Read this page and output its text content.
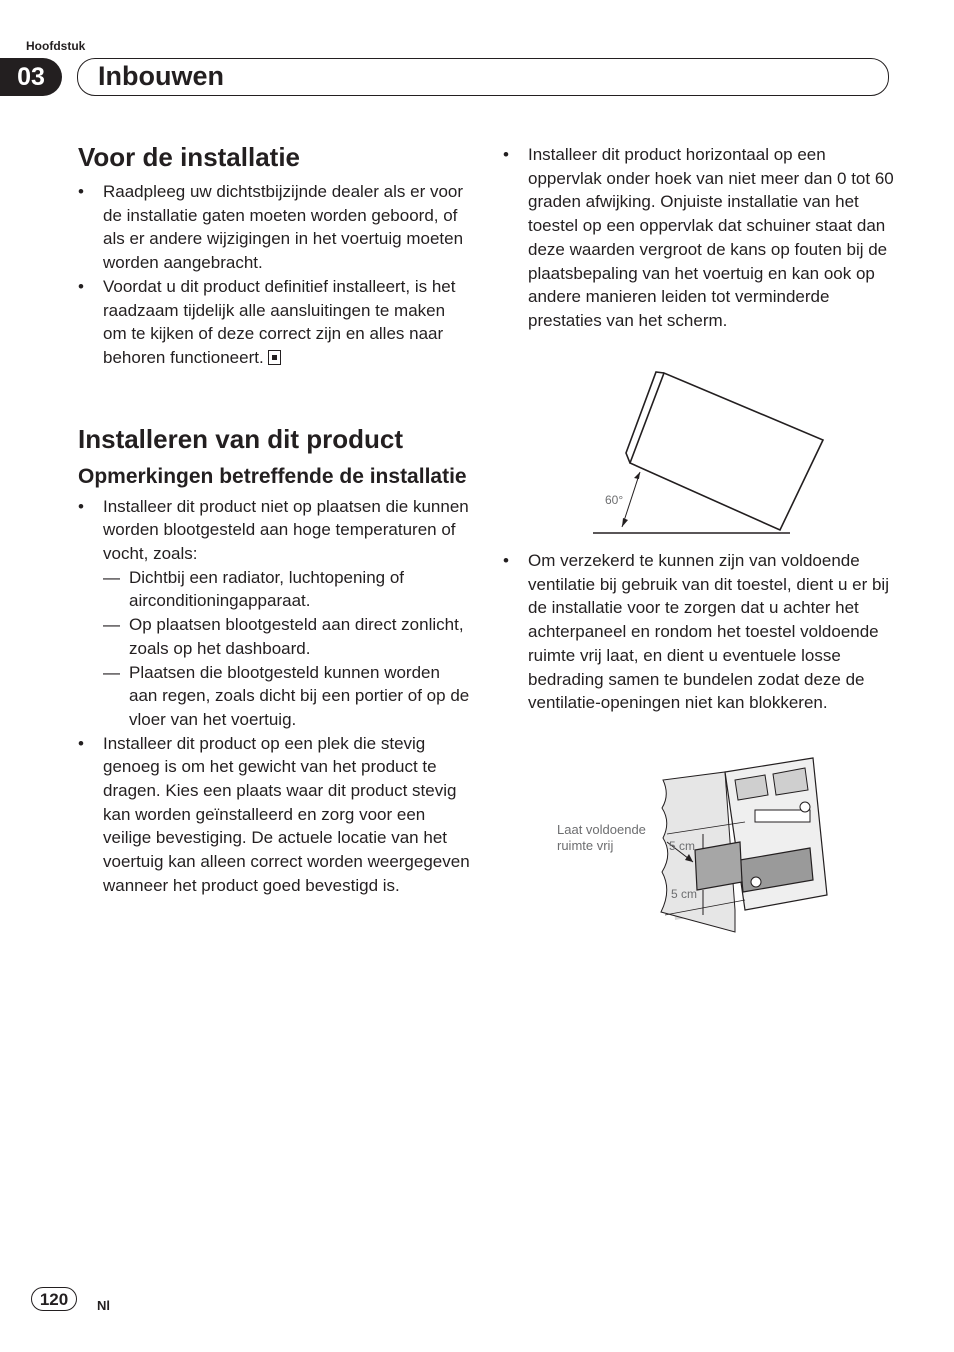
Hoofdstuk
03	Inbouwen
Voor de installatie
• Raadpleeg uw dichtstbijzijnde dealer als er voor de installatie gaten moeten worden geboord, of als er andere wijzigingen in het voertuig moeten worden aangebracht.
• Voordat u dit product definitief installeert, is het raadzaam tijdelijk alle aansluitingen te maken om te kijken of deze correct zijn en alles naar behoren functioneert.
Installeren van dit product
Opmerkingen betreffende de installatie
• Installeer dit product niet op plaatsen die kunnen worden blootgesteld aan hoge temperaturen of vocht, zoals:
— Dichtbij een radiator, luchtopening of airconditioningapparaat.
— Op plaatsen blootgesteld aan direct zonlicht, zoals op het dashboard.
— Plaatsen die blootgesteld kunnen worden aan regen, zoals dicht bij een portier of op de vloer van het voertuig.
• Installeer dit product op een plek die stevig genoeg is om het gewicht van het product te dragen. Kies een plaats waar dit product stevig kan worden geïnstalleerd en zorg voor een veilige bevestiging. De actuele locatie van het voertuig kan alleen correct worden weergegeven wanneer het product goed bevestigd is.
• Installeer dit product horizontaal op een oppervlak onder hoek van niet meer dan 0 tot 60 graden afwijking. Onjuiste installatie van het toestel op een oppervlak dat schuiner staat dan deze waarden vergroot de kans op fouten bij de plaatsbepaling van het voertuig en kan ook op andere manieren leiden tot verminderde prestaties van het scherm.
60°
• Om verzekerd te kunnen zijn van voldoende ventilatie bij gebruik van dit toestel, dient u er bij de installatie voor te zorgen dat u achter het achterpaneel en rondom het toestel voldoende ruimte vrij laat, en dient u eventuele losse bedrading samen te bundelen zodat deze de ventilatie-openingen niet kan blokkeren.
5 cm
5 cm
Laat voldoende
ruimte vrij
120	Nl
